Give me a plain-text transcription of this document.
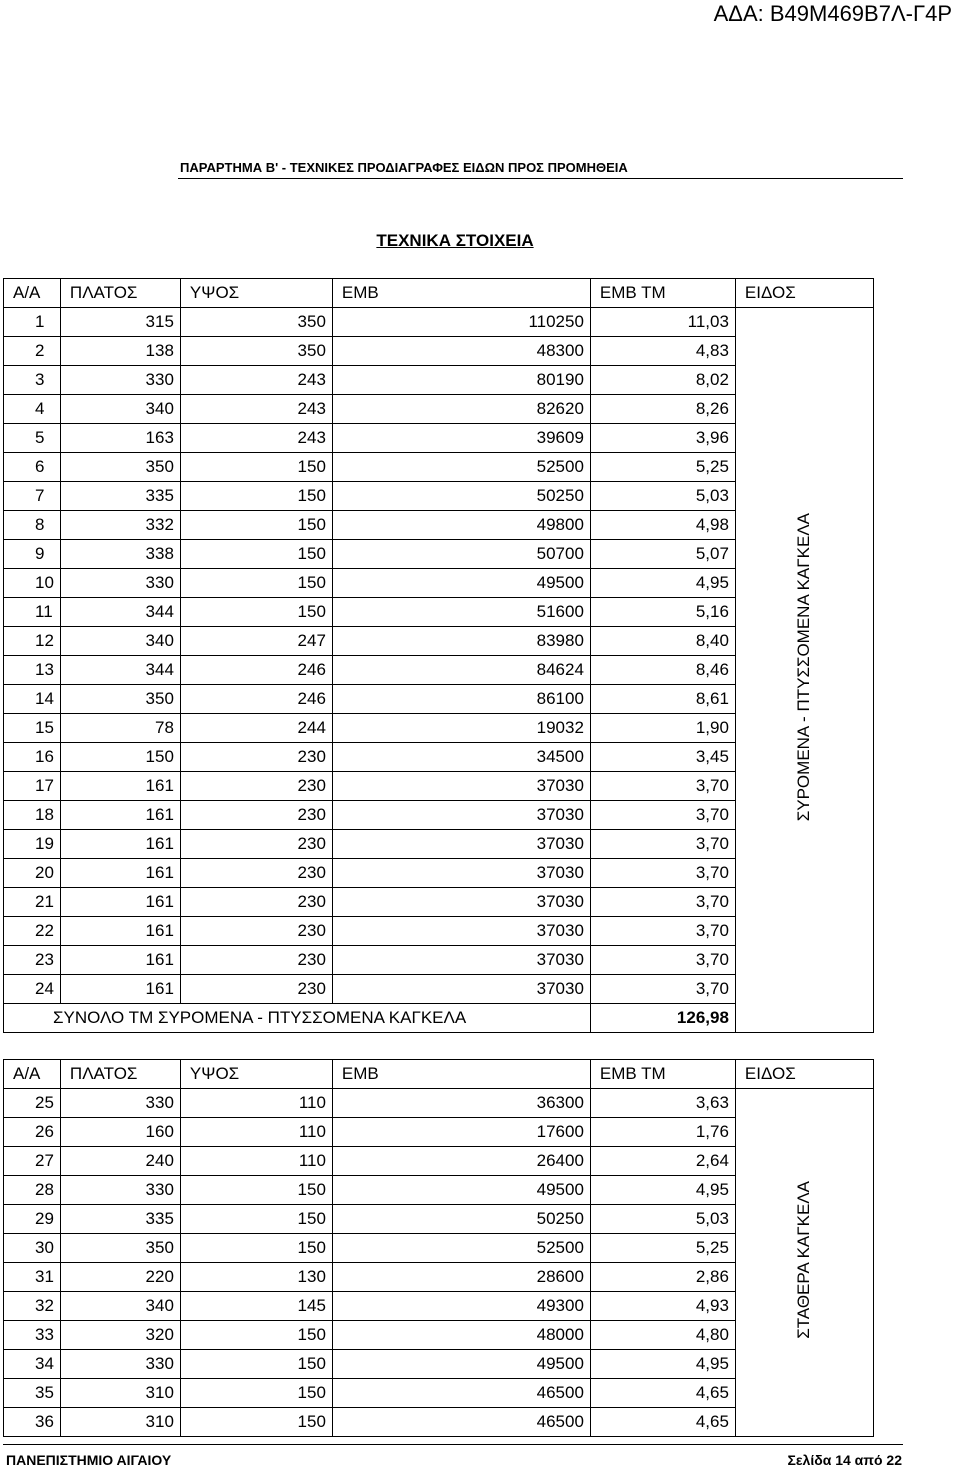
ΑΔΑ: Β49Μ469Β7Λ-Γ4Ρ
ΠΑΡΑΡΤΗΜΑ Β' - ΤΕΧΝΙΚΕΣ ΠΡΟΔΙΑΓΡΑΦΕΣ ΕΙΔΩΝ ΠΡΟΣ ΠΡΟΜΗΘΕΙΑ
ΤΕΧΝΙΚΑ ΣΤΟΙΧΕΙΑ
Α/Α	ΠΛΑΤΟΣ	ΥΨΟΣ	ΕΜΒ	ΕΜΒ ΤΜ	ΕΙΔΟΣ
1	315	350	110250	11,03	ΣΥΡΟΜΕΝΑ - ΠΤΥΣΣΟΜΕΝΑ ΚΑΓΚΕΛΑ
2	138	350	48300	4,83	
3	330	243	80190	8,02	
4	340	243	82620	8,26	
5	163	243	39609	3,96	
6	350	150	52500	5,25	
7	335	150	50250	5,03	
8	332	150	49800	4,98	
9	338	150	50700	5,07	
10	330	150	49500	4,95	
11	344	150	51600	5,16	
12	340	247	83980	8,40	
13	344	246	84624	8,46	
14	350	246	86100	8,61	
15	78	244	19032	1,90	
16	150	230	34500	3,45	
17	161	230	37030	3,70	
18	161	230	37030	3,70	
19	161	230	37030	3,70	
20	161	230	37030	3,70	
21	161	230	37030	3,70	
22	161	230	37030	3,70	
23	161	230	37030	3,70	
24	161	230	37030	3,70	
ΣΥΝΟΛΟ ΤΜ ΣΥΡΟΜΕΝΑ - ΠΤΥΣΣΟΜΕΝΑ ΚΑΓΚΕΛΑ				126,98	
Α/Α	ΠΛΑΤΟΣ	ΥΨΟΣ	ΕΜΒ	ΕΜΒ ΤΜ	ΕΙΔΟΣ
25	330	110	36300	3,63	ΣΤΑΘΕΡΑ ΚΑΓΚΕΛΑ
26	160	110	17600	1,76	
27	240	110	26400	2,64	
28	330	150	49500	4,95	
29	335	150	50250	5,03	
30	350	150	52500	5,25	
31	220	130	28600	2,86	
32	340	145	49300	4,93	
33	320	150	48000	4,80	
34	330	150	49500	4,95	
35	310	150	46500	4,65	
36	310	150	46500	4,65	
ΠΑΝΕΠΙΣΤΗΜΙΟ ΑΙΓΑΙΟΥ	Σελίδα 14 από 22
